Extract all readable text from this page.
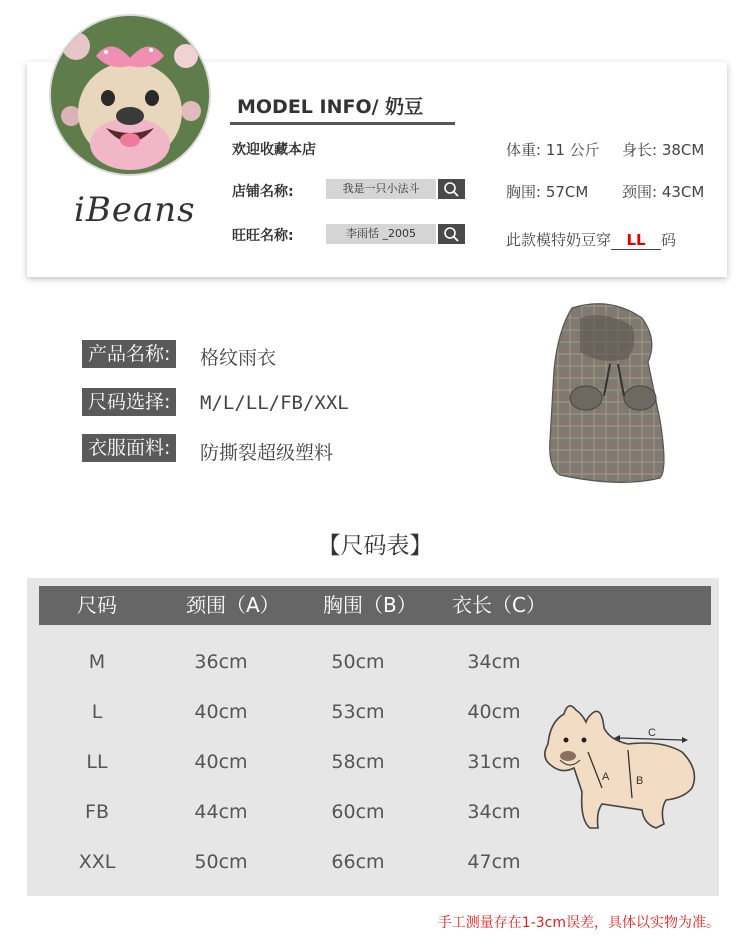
iBeans
MODEL INFO/ 奶豆
欢迎收藏本店
店铺名称:	我是一只小法斗
旺旺名称:	李雨恬 _2005
体重: 11 公斤 身长: 38CM
胸围: 57CM 颈围: 43CM
此款模特奶豆穿 LL 码
产品名称:	格纹雨衣
尺码选择:	M/L/LL/FB/XXL
衣服面料:	防撕裂超级塑料
【尺码表】
尺码	颈围（A） 胸围（B） 衣长（C）
M	36cm	50cm	34cm
L	40cm	53cm	40cm
LL	40cm	58cm	31cm
FB	44cm	60cm	34cm
XXL	50cm	66cm	47cm
A B
C
手工测量存在1-3cm误差，具体以实物为准。
